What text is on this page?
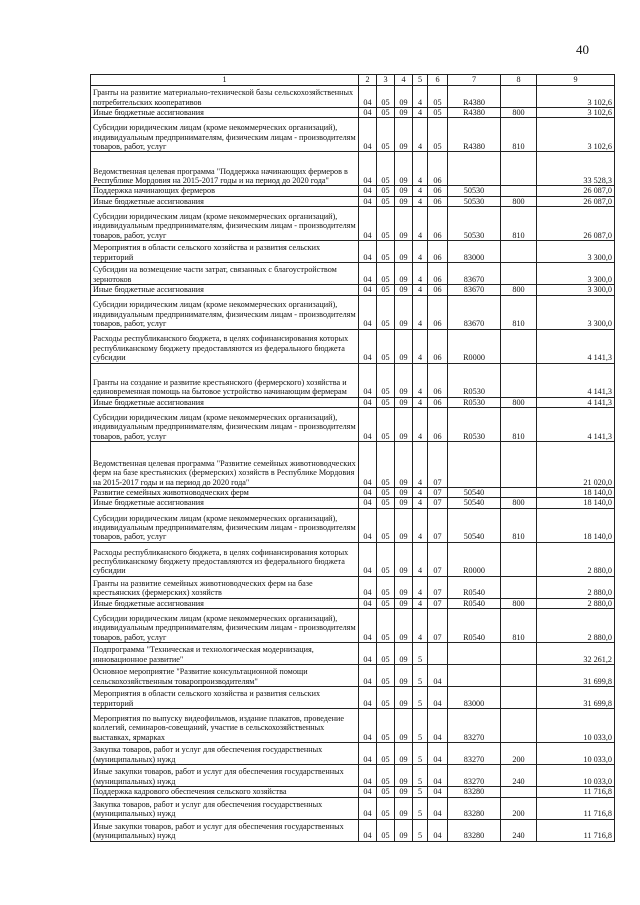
40
1	2	3	4	5	6	7	8	9
Гранты на развитие материально-технической базы сельскохозяйственных потребительских кооперативов	04	05	09	4	05	R4380		3 102,6
Иные бюджетные ассигнования	04	05	09	4	05	R4380	800	3 102,6
Субсидии юридическим лицам (кроме некоммерческих организаций), индивидуальным предпринимателям, физическим лицам - производителям товаров, работ, услуг	04	05	09	4	05	R4380	810	3 102,6
Ведомственная целевая программа "Поддержка начинающих фермеров в Республике Мордовия на 2015-2017 годы и на период до 2020 года"	04	05	09	4	06			33 528,3
Поддержка начинающих фермеров	04	05	09	4	06	50530		26 087,0
Иные бюджетные ассигнования	04	05	09	4	06	50530	800	26 087,0
Субсидии юридическим лицам (кроме некоммерческих организаций), индивидуальным предпринимателям, физическим лицам - производителям товаров, работ, услуг	04	05	09	4	06	50530	810	26 087,0
Мероприятия в области сельского хозяйства и развития сельских территорий	04	05	09	4	06	83000		3 300,0
Субсидии на возмещение части затрат, связанных с благоустройством зернотоков	04	05	09	4	06	83670		3 300,0
Иные бюджетные ассигнования	04	05	09	4	06	83670	800	3 300,0
Субсидии юридическим лицам (кроме некоммерческих организаций), индивидуальным предпринимателям, физическим лицам - производителям товаров, работ, услуг	04	05	09	4	06	83670	810	3 300,0
Расходы республиканского бюджета, в целях софинансирования которых республиканскому бюджету предоставляются из федерального бюджета субсидии	04	05	09	4	06	R0000		4 141,3
Гранты на создание и развитие крестьянского (фермерского) хозяйства и единовременная помощь на бытовое устройство начинающим фермерам	04	05	09	4	06	R0530		4 141,3
Иные бюджетные ассигнования	04	05	09	4	06	R0530	800	4 141,3
Субсидии юридическим лицам (кроме некоммерческих организаций), индивидуальным предпринимателям, физическим лицам - производителям товаров, работ, услуг	04	05	09	4	06	R0530	810	4 141,3
Ведомственная целевая программа "Развитие семейных животноводческих ферм на базе крестьянских (фермерских) хозяйств в Республике Мордовия на 2015-2017 годы и на период до 2020 года"	04	05	09	4	07			21 020,0
Развитие семейных животноводческих ферм	04	05	09	4	07	50540		18 140,0
Иные бюджетные ассигнования	04	05	09	4	07	50540	800	18 140,0
Субсидии юридическим лицам (кроме некоммерческих организаций), индивидуальным предпринимателям, физическим лицам - производителям товаров, работ, услуг	04	05	09	4	07	50540	810	18 140,0
Расходы республиканского бюджета, в целях софинансирования которых республиканскому бюджету предоставляются из федерального бюджета субсидии	04	05	09	4	07	R0000		2 880,0
Гранты на развитие семейных животноводческих ферм на базе крестьянских (фермерских) хозяйств	04	05	09	4	07	R0540		2 880,0
Иные бюджетные ассигнования	04	05	09	4	07	R0540	800	2 880,0
Субсидии юридическим лицам (кроме некоммерческих организаций), индивидуальным предпринимателям, физическим лицам - производителям товаров, работ, услуг	04	05	09	4	07	R0540	810	2 880,0
Подпрограмма "Техническая и технологическая модернизация, инновационное развитие"	04	05	09	5				32 261,2
Основное мероприятие "Развитие консультационной помощи сельскохозяйственным товаропроизводителям"	04	05	09	5	04			31 699,8
Мероприятия в области сельского хозяйства и развития сельских территорий	04	05	09	5	04	83000		31 699,8
Мероприятия по выпуску видеофильмов, издание плакатов, проведение коллегий, семинаров-совещаний, участие в сельскохозяйственных выставках, ярмарках	04	05	09	5	04	83270		10 033,0
Закупка товаров, работ и услуг для обеспечения государственных (муниципальных) нужд	04	05	09	5	04	83270	200	10 033,0
Иные закупки товаров, работ и услуг для обеспечения государственных (муниципальных) нужд	04	05	09	5	04	83270	240	10 033,0
Поддержка кадрового обеспечения сельского хозяйства	04	05	09	5	04	83280		11 716,8
Закупка товаров, работ и услуг для обеспечения государственных (муниципальных) нужд	04	05	09	5	04	83280	200	11 716,8
Иные закупки товаров, работ и услуг для обеспечения государственных (муниципальных) нужд	04	05	09	5	04	83280	240	11 716,8
